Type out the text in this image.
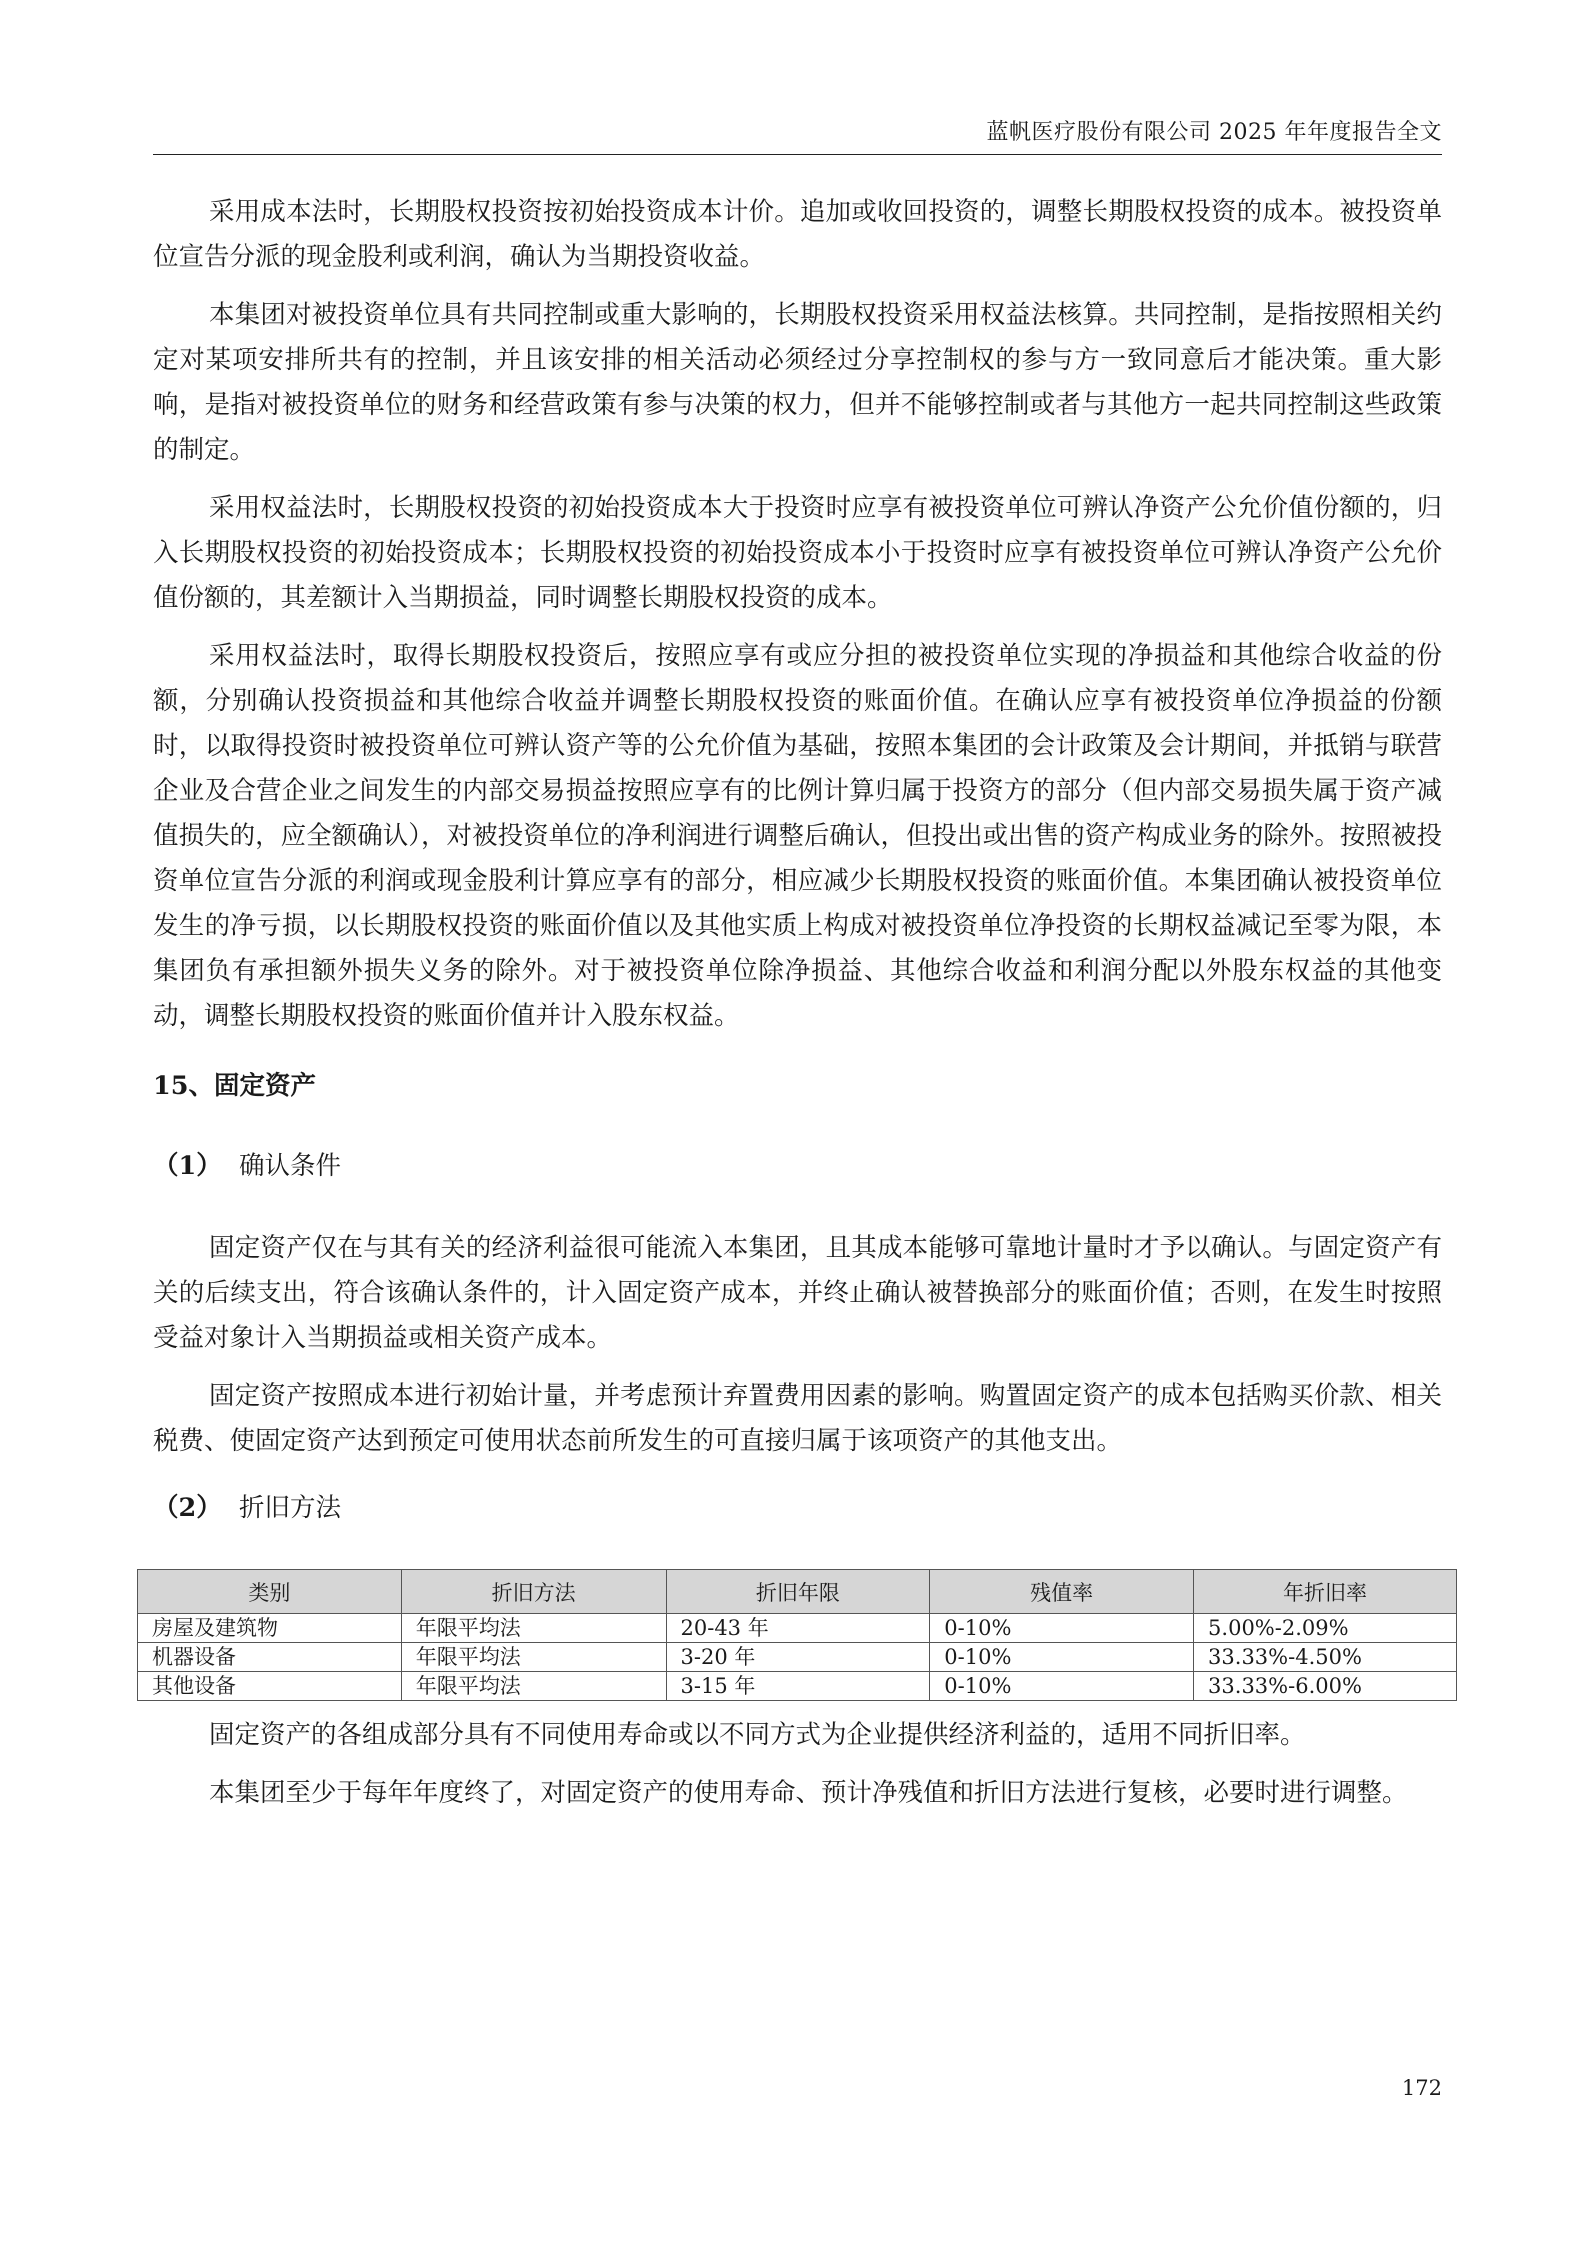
蓝帆医疗股份有限公司 2025 年年度报告全文

采用成本法时，长期股权投资按初始投资成本计价。追加或收回投资的，调整长期股权投资的成本。被投资单位宣告分派的现金股利或利润，确认为当期投资收益。

本集团对被投资单位具有共同控制或重大影响的，长期股权投资采用权益法核算。共同控制，是指按照相关约定对某项安排所共有的控制，并且该安排的相关活动必须经过分享控制权的参与方一致同意后才能决策。重大影响，是指对被投资单位的财务和经营政策有参与决策的权力，但并不能够控制或者与其他方一起共同控制这些政策的制定。

采用权益法时，长期股权投资的初始投资成本大于投资时应享有被投资单位可辨认净资产公允价值份额的，归入长期股权投资的初始投资成本；长期股权投资的初始投资成本小于投资时应享有被投资单位可辨认净资产公允价值份额的，其差额计入当期损益，同时调整长期股权投资的成本。

采用权益法时，取得长期股权投资后，按照应享有或应分担的被投资单位实现的净损益和其他综合收益的份额，分别确认投资损益和其他综合收益并调整长期股权投资的账面价值。在确认应享有被投资单位净损益的份额时，以取得投资时被投资单位可辨认资产等的公允价值为基础，按照本集团的会计政策及会计期间，并抵销与联营企业及合营企业之间发生的内部交易损益按照应享有的比例计算归属于投资方的部分（但内部交易损失属于资产减值损失的，应全额确认），对被投资单位的净利润进行调整后确认，但投出或出售的资产构成业务的除外。按照被投资单位宣告分派的利润或现金股利计算应享有的部分，相应减少长期股权投资的账面价值。本集团确认被投资单位发生的净亏损，以长期股权投资的账面价值以及其他实质上构成对被投资单位净投资的长期权益减记至零为限，本集团负有承担额外损失义务的除外。对于被投资单位除净损益、其他综合收益和利润分配以外股东权益的其他变动，调整长期股权投资的账面价值并计入股东权益。

15、固定资产
（1） 确认条件

固定资产仅在与其有关的经济利益很可能流入本集团，且其成本能够可靠地计量时才予以确认。与固定资产有关的后续支出，符合该确认条件的，计入固定资产成本，并终止确认被替换部分的账面价值；否则，在发生时按照受益对象计入当期损益或相关资产成本。

固定资产按照成本进行初始计量，并考虑预计弃置费用因素的影响。购置固定资产的成本包括购买价款、相关税费、使固定资产达到预定可使用状态前所发生的可直接归属于该项资产的其他支出。

（2） 折旧方法
类别	折旧方法	折旧年限	残值率	年折旧率
房屋及建筑物	年限平均法	20-43 年	0-10%	5.00%-2.09%
机器设备	年限平均法	3-20 年	0-10%	33.33%-4.50%
其他设备	年限平均法	3-15 年	0-10%	33.33%-6.00%

固定资产的各组成部分具有不同使用寿命或以不同方式为企业提供经济利益的，适用不同折旧率。

本集团至少于每年年度终了，对固定资产的使用寿命、预计净残值和折旧方法进行复核，必要时进行调整。

172
